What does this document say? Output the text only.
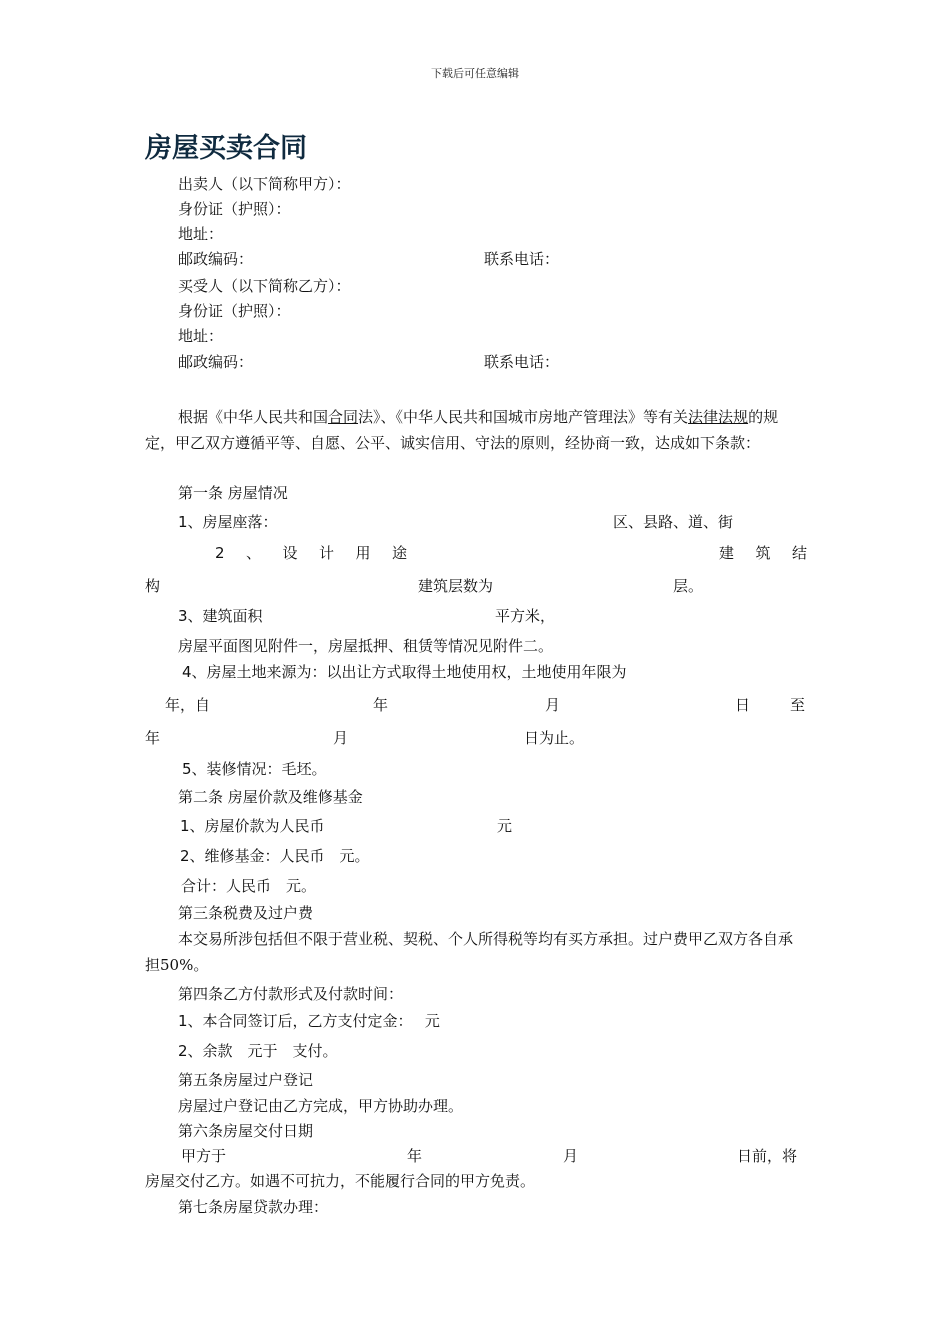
下载后可任意编辑
房屋买卖合同
出卖人（以下简称甲方）：
身份证（护照）：
地址：
邮政编码：	联系电话：
买受人（以下简称乙方）：
身份证（护照）：
地址：
邮政编码：	联系电话：
根据《中华人民共和国合同法》、《中华人民共和国城市房地产管理法》等有关法律法规的规定，甲乙双方遵循平等、自愿、公平、诚实信用、守法的原则，经协商一致，达成如下条款：
第一条 房屋情况
1、房屋座落：	区、县路、道、街
2 、 设 计 用 途	建 筑 结
构	建筑层数为	层。
3、建筑面积	平方米，
房屋平面图见附件一，房屋抵押、租赁等情况见附件二。
4、房屋土地来源为：以出让方式取得土地使用权，土地使用年限为
年，自	年	月	日	至
年	月	日为止。
5、装修情况：毛坯。
第二条 房屋价款及维修基金
1、房屋价款为人民币	元
2、维修基金：人民币　元。
合计：人民币　元。
第三条税费及过户费
本交易所涉包括但不限于营业税、契税、个人所得税等均有买方承担。过户费甲乙双方各自承担50%。
第四条乙方付款形式及付款时间：
1、本合同签订后，乙方支付定金：　 元
2、余款　元于　支付。
第五条房屋过户登记
房屋过户登记由乙方完成，甲方协助办理。
第六条房屋交付日期
甲方于	年	月	日前，将
房屋交付乙方。如遇不可抗力，不能履行合同的甲方免责。
第七条房屋贷款办理：
